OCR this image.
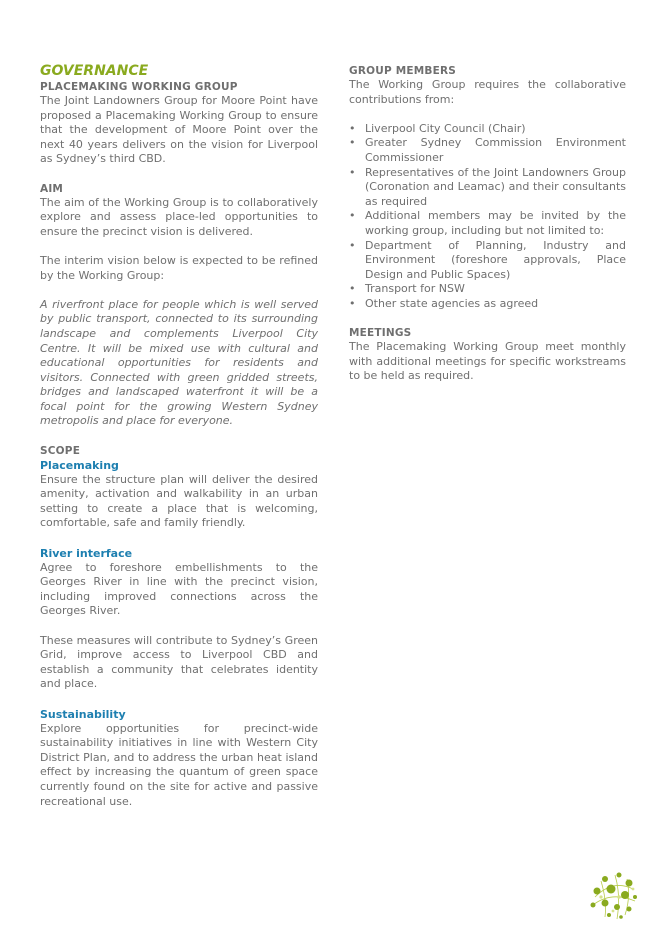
GOVERNANCE
PLACEMAKING WORKING GROUP

The Joint Landowners Group for Moore Point have proposed a Placemaking Working Group to ensure that the development of Moore Point over the next 40 years delivers on the vision for Liverpool as Sydney’s third CBD.

AIM

The aim of the Working Group is to collaboratively explore and assess place-led opportunities to ensure the precinct vision is delivered.

The interim vision below is expected to be refined by the Working Group:

A riverfront place for people which is well served by public transport, connected to its surrounding landscape and complements Liverpool City Centre. It will be mixed use with cultural and educational opportunities for residents and visitors. Connected with green gridded streets, bridges and landscaped waterfront it will be a focal point for the growing Western Sydney metropolis and place for everyone.

SCOPE
Placemaking

Ensure the structure plan will deliver the desired amenity, activation and walkability in an urban setting to create a place that is welcoming, comfortable, safe and family friendly.

River interface

Agree to foreshore embellishments to the Georges River in line with the precinct vision, including improved connections across the Georges River.

These measures will contribute to Sydney’s Green Grid, improve access to Liverpool CBD and establish a community that celebrates identity and place.

Sustainability

Explore opportunities for precinct-wide sustainability initiatives in line with Western City District Plan, and to address the urban heat island effect by increasing the quantum of green space currently found on the site for active and passive recreational use.

GROUP MEMBERS

The Working Group requires the collaborative contributions from:

• Liverpool City Council (Chair)
• Greater Sydney Commission Environment Commissioner
• Representatives of the Joint Landowners Group (Coronation and Leamac) and their consultants as required
• Additional members may be invited by the working group, including but not limited to:
• Department of Planning, Industry and Environment (foreshore approvals, Place Design and Public Spaces)
• Transport for NSW
• Other state agencies as agreed
MEETINGS

The Placemaking Working Group meet monthly with additional meetings for specific workstreams to be held as required.
